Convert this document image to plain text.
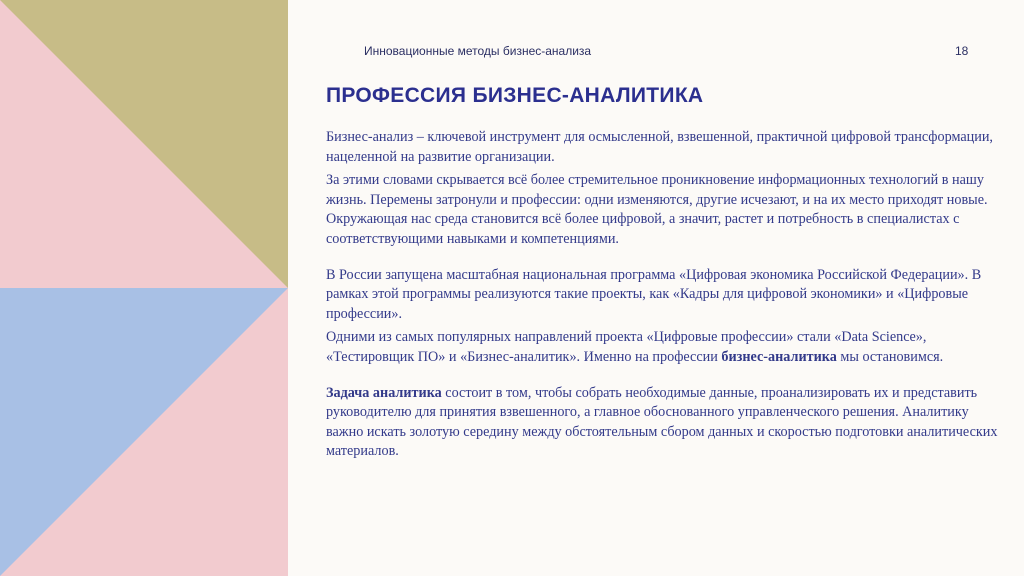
Инновационные методы бизнес-анализа	18
ПРОФЕССИЯ БИЗНЕС-АНАЛИТИКА

Бизнес-анализ – ключевой инструмент для осмысленной, взвешенной, практичной цифровой трансформации, нацеленной на развитие организации.

За этими словами скрывается всё более стремительное проникновение информационных технологий в нашу жизнь. Перемены затронули и профессии: одни изменяются, другие исчезают, и на их место приходят новые. Окружающая нас среда становится всё более цифровой, а значит, растет и потребность в специалистах с соответствующими навыками и компетенциями.

В России запущена масштабная национальная программа «Цифровая экономика Российской Федерации». В рамках этой программы реализуются такие проекты, как «Кадры для цифровой экономики» и «Цифровые профессии».

Одними из самых популярных направлений проекта «Цифровые профессии» стали «Data Science», «Тестировщик ПО» и «Бизнес-аналитик». Именно на профессии бизнес-аналитика мы остановимся.

Задача аналитика состоит в том, чтобы собрать необходимые данные, проанализировать их и представить руководителю для принятия взвешенного, а главное обоснованного управленческого решения. Аналитику важно искать золотую середину между обстоятельным сбором данных и скоростью подготовки аналитических материалов.
